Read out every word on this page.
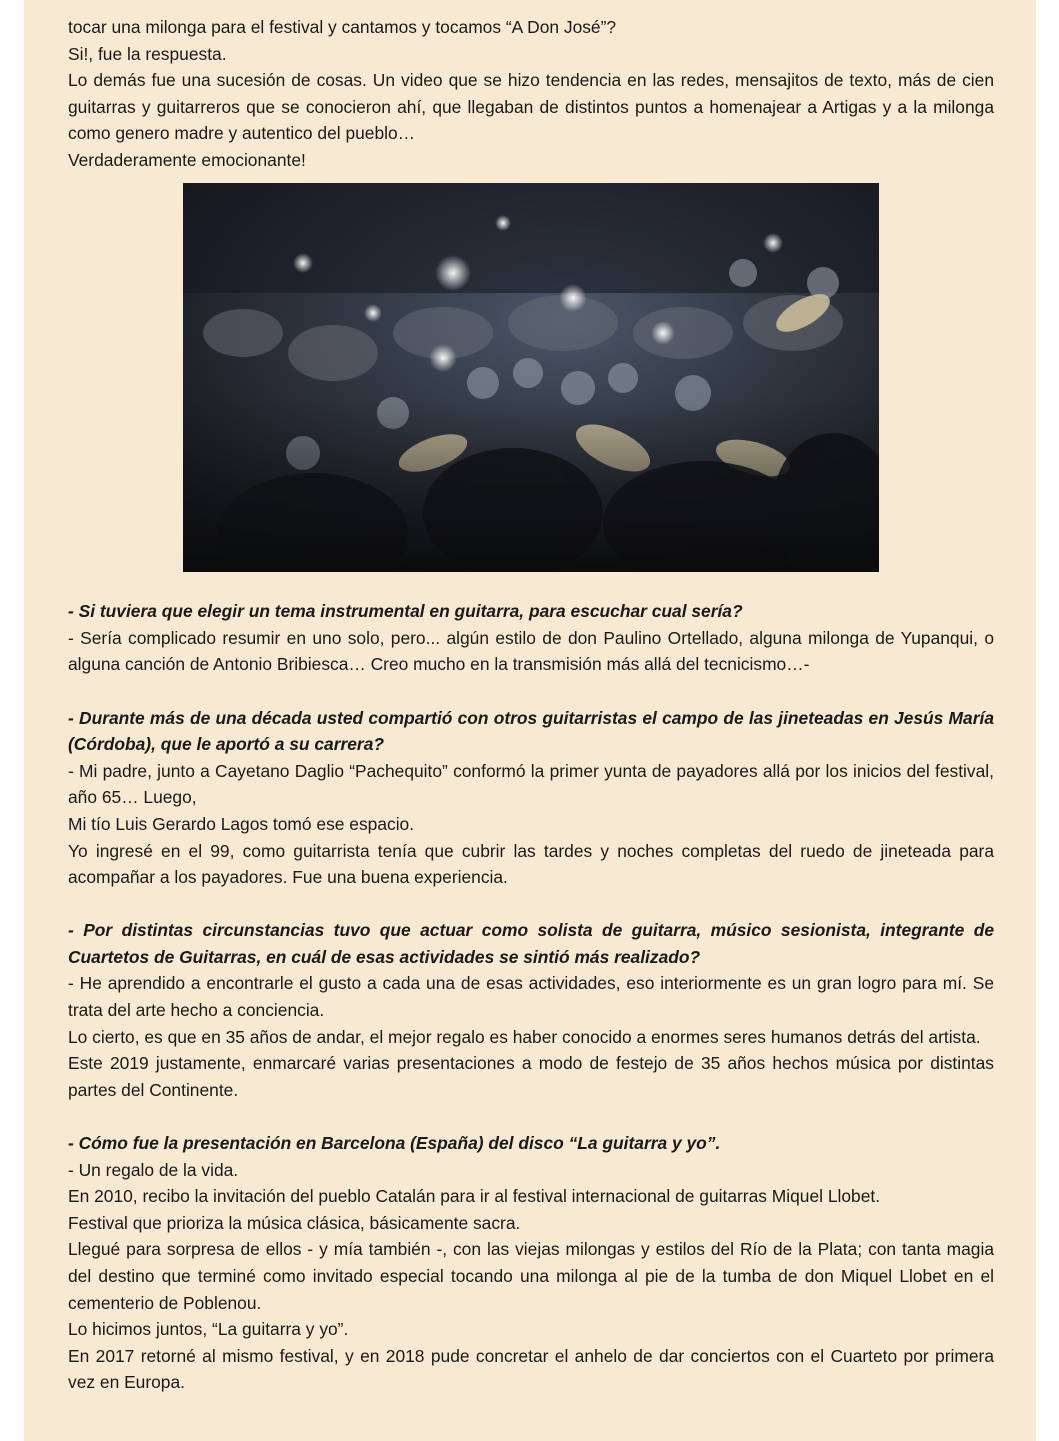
tocar una milonga para el festival y cantamos y tocamos “A Don José”?

Si!, fue la respuesta.

Lo demás fue una sucesión de cosas. Un video que se hizo tendencia en las redes, mensajitos de texto, más de cien guitarras y guitarreros que se conocieron ahí, que llegaban de distintos puntos a homenajear a Artigas y a la milonga como genero madre y autentico del pueblo…

Verdaderamente emocionante!

- Si tuviera que elegir un tema instrumental en guitarra, para escuchar cual sería?

- Sería complicado resumir en uno solo, pero... algún estilo de don Paulino Ortellado, alguna milonga de Yupanqui, o alguna canción de Antonio Bribiesca… Creo mucho en la transmisión más allá del tecnicismo…-

- Durante más de una década usted compartió con otros guitarristas el campo de las jineteadas en Jesús María (Córdoba), que le aportó a su carrera?

- Mi padre, junto a Cayetano Daglio “Pachequito” conformó la primer yunta de payadores allá por los inicios del festival, año 65… Luego,

Mi tío Luis Gerardo Lagos tomó ese espacio.

Yo ingresé en el 99, como guitarrista tenía que cubrir las tardes y noches completas del ruedo de jineteada para acompañar a los payadores. Fue una buena experiencia.

- Por distintas circunstancias tuvo que actuar como solista de guitarra, músico sesionista, integrante de Cuartetos de Guitarras, en cuál de esas actividades se sintió más realizado?

- He aprendido a encontrarle el gusto a cada una de esas actividades, eso interiormente es un gran logro para mí. Se trata del arte hecho a conciencia.

Lo cierto, es que en 35 años de andar, el mejor regalo es haber conocido a enormes seres humanos detrás del artista.

Este 2019 justamente, enmarcaré varias presentaciones a modo de festejo de 35 años hechos música por distintas partes del Continente.

- Cómo fue la presentación en Barcelona (España) del disco “La guitarra y yo”.

- Un regalo de la vida.

En 2010, recibo la invitación del pueblo Catalán para ir al festival internacional de guitarras Miquel Llobet.

Festival que prioriza la música clásica, básicamente sacra.

Llegué para sorpresa de ellos - y mía también -, con las viejas milongas y estilos del Río de la Plata; con tanta magia del destino que terminé como invitado especial tocando una milonga al pie de la tumba de don Miquel Llobet en el cementerio de Poblenou.

Lo hicimos juntos, “La guitarra y yo”.

En 2017 retorné al mismo festival, y en 2018 pude concretar el anhelo de dar conciertos con el Cuarteto por primera vez en Europa.
